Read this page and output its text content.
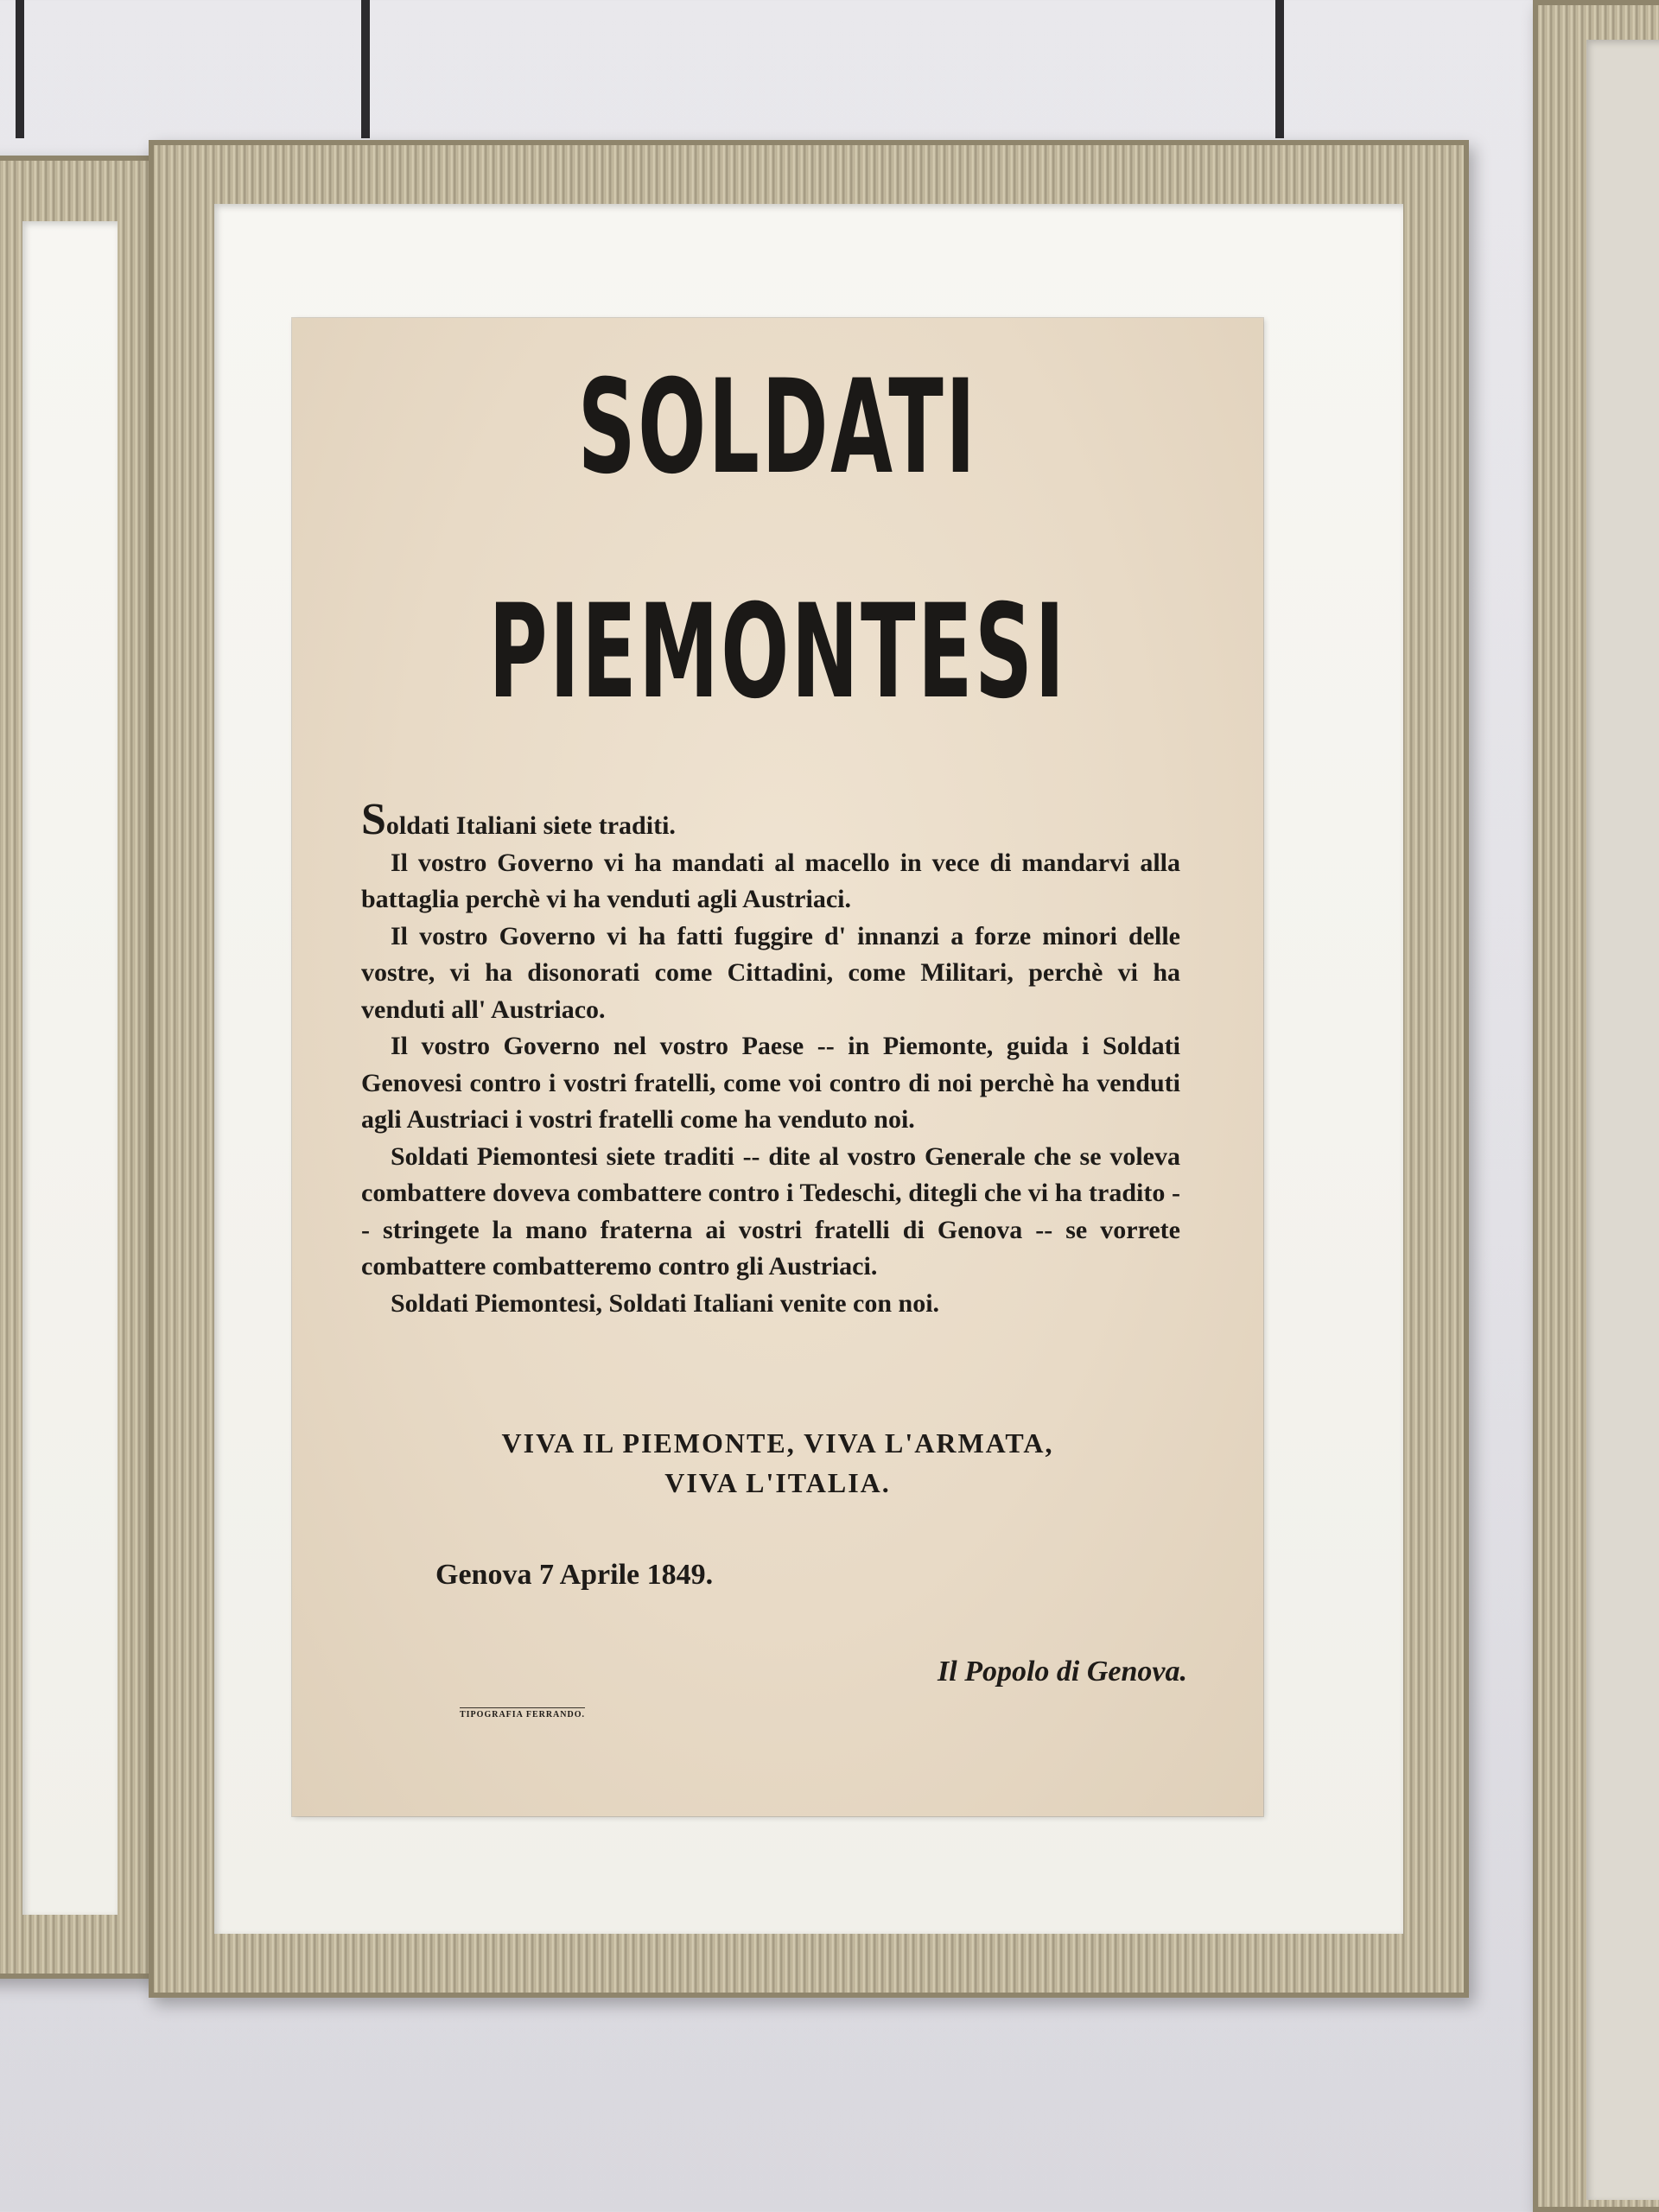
SOLDATI
PIEMONTESI

Soldati Italiani siete traditi.

Il vostro Governo vi ha mandati al macello in vece di mandarvi alla battaglia perchè vi ha venduti agli Austriaci.

Il vostro Governo vi ha fatti fuggire d' innanzi a forze minori delle vostre, vi ha disonorati come Cittadini, come Militari, perchè vi ha venduti all' Austriaco.

Il vostro Governo nel vostro Paese -- in Piemonte, guida i Soldati Genovesi contro i vostri fratelli, come voi contro di noi perchè ha venduti agli Austriaci i vostri fratelli come ha venduto noi.

Soldati Piemontesi siete traditi -- dite al vostro Generale che se voleva combattere doveva combattere contro i Tedeschi, ditegli che vi ha tradito -- stringete la mano fraterna ai vostri fratelli di Genova -- se vorrete combattere combatteremo contro gli Austriaci.

Soldati Piemontesi, Soldati Italiani venite con noi.

VIVA IL PIEMONTE, VIVA L'ARMATA,
VIVA L'ITALIA.
Genova 7 Aprile 1849.
Il Popolo di Genova.
TIPOGRAFIA FERRANDO.
